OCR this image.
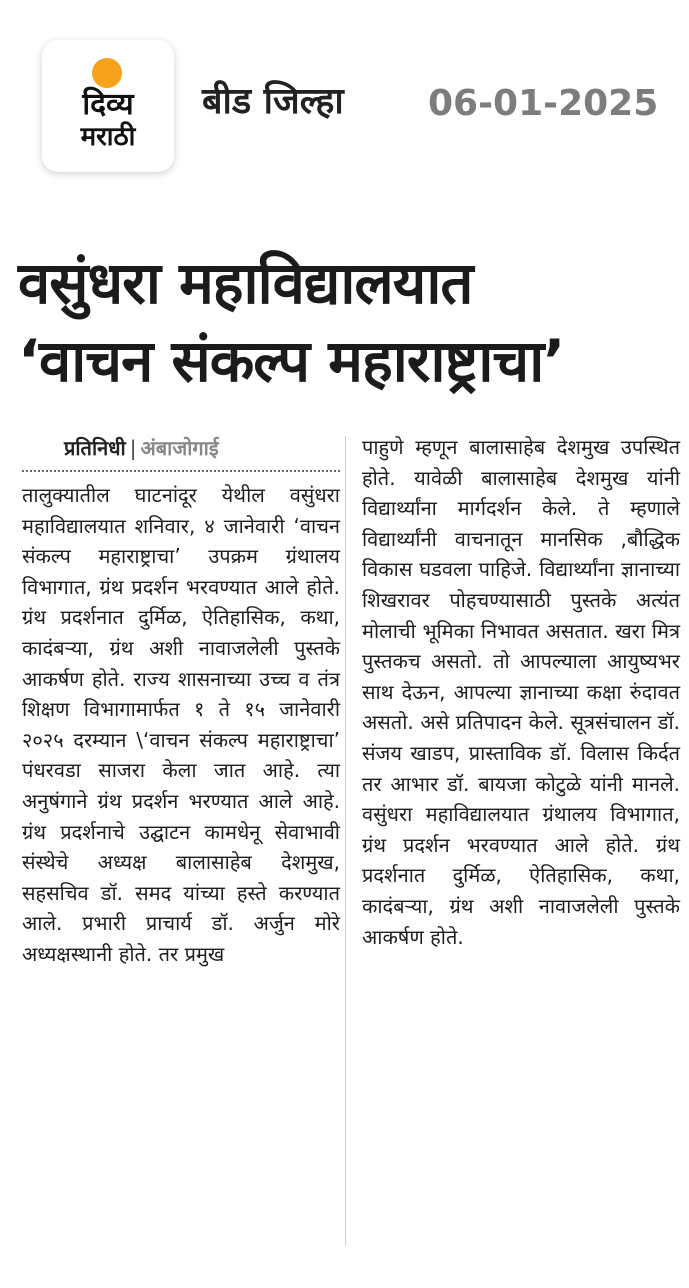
दिव्य
मराठी
बीड जिल्हा 06-01-2025
वसुंधरा महाविद्यालयात
‘वाचन संकल्प महाराष्ट्राचा’
प्रतिनिधी | अंबाजोगाई
तालुक्यातील घाटनांदूर येथील वसुंधरा महाविद्यालयात शनिवार, ४ जानेवारी ‘वाचन संकल्प महाराष्ट्राचा’ उपक्रम ग्रंथालय विभागात, ग्रंथ प्रदर्शन भरवण्यात आले होते. ग्रंथ प्रदर्शनात दुर्मिळ, ऐतिहासिक, कथा, कादंबऱ्या, ग्रंथ अशी नावाजलेली पुस्तके आकर्षण होते. राज्य शासनाच्या उच्च व तंत्र शिक्षण विभागामार्फत १ ते १५ जानेवारी २०२५ दरम्यान \‘वाचन संकल्प महाराष्ट्राचा’ पंधरवडा साजरा केला जात आहे. त्या अनुषंगाने ग्रंथ प्रदर्शन भरण्यात आले आहे. ग्रंथ प्रदर्शनाचे उद्घाटन कामधेनू सेवाभावी संस्थेचे अध्यक्ष बालासाहेब देशमुख, सहसचिव डॉ. समद यांच्या हस्ते करण्यात आले. प्रभारी प्राचार्य डॉ. अर्जुन मोरे अध्यक्षस्थानी होते. तर प्रमुख
पाहुणे म्हणून बालासाहेब देशमुख उपस्थित होते. यावेळी बालासाहेब देशमुख यांनी विद्यार्थ्यांना मार्गदर्शन केले. ते म्हणाले विद्यार्थ्यांनी वाचनातून मानसिक ,बौद्धिक विकास घडवला पाहिजे. विद्यार्थ्यांना ज्ञानाच्या शिखरावर पोहचण्यासाठी पुस्तके अत्यंत मोलाची भूमिका निभावत असतात. खरा मित्र पुस्तकच असतो. तो आपल्याला आयुष्यभर साथ देऊन, आपल्या ज्ञानाच्या कक्षा रुंदावत असतो. असे प्रतिपादन केले. सूत्रसंचालन डॉ. संजय खाडप, प्रास्ताविक डॉ. विलास किर्दत तर आभार डॉ. बायजा कोटुळे यांनी मानले. वसुंधरा महाविद्यालयात ग्रंथालय विभागात, ग्रंथ प्रदर्शन भरवण्यात आले होते. ग्रंथ प्रदर्शनात दुर्मिळ, ऐतिहासिक, कथा, कादंबऱ्या, ग्रंथ अशी नावाजलेली पुस्तके आकर्षण होते.
